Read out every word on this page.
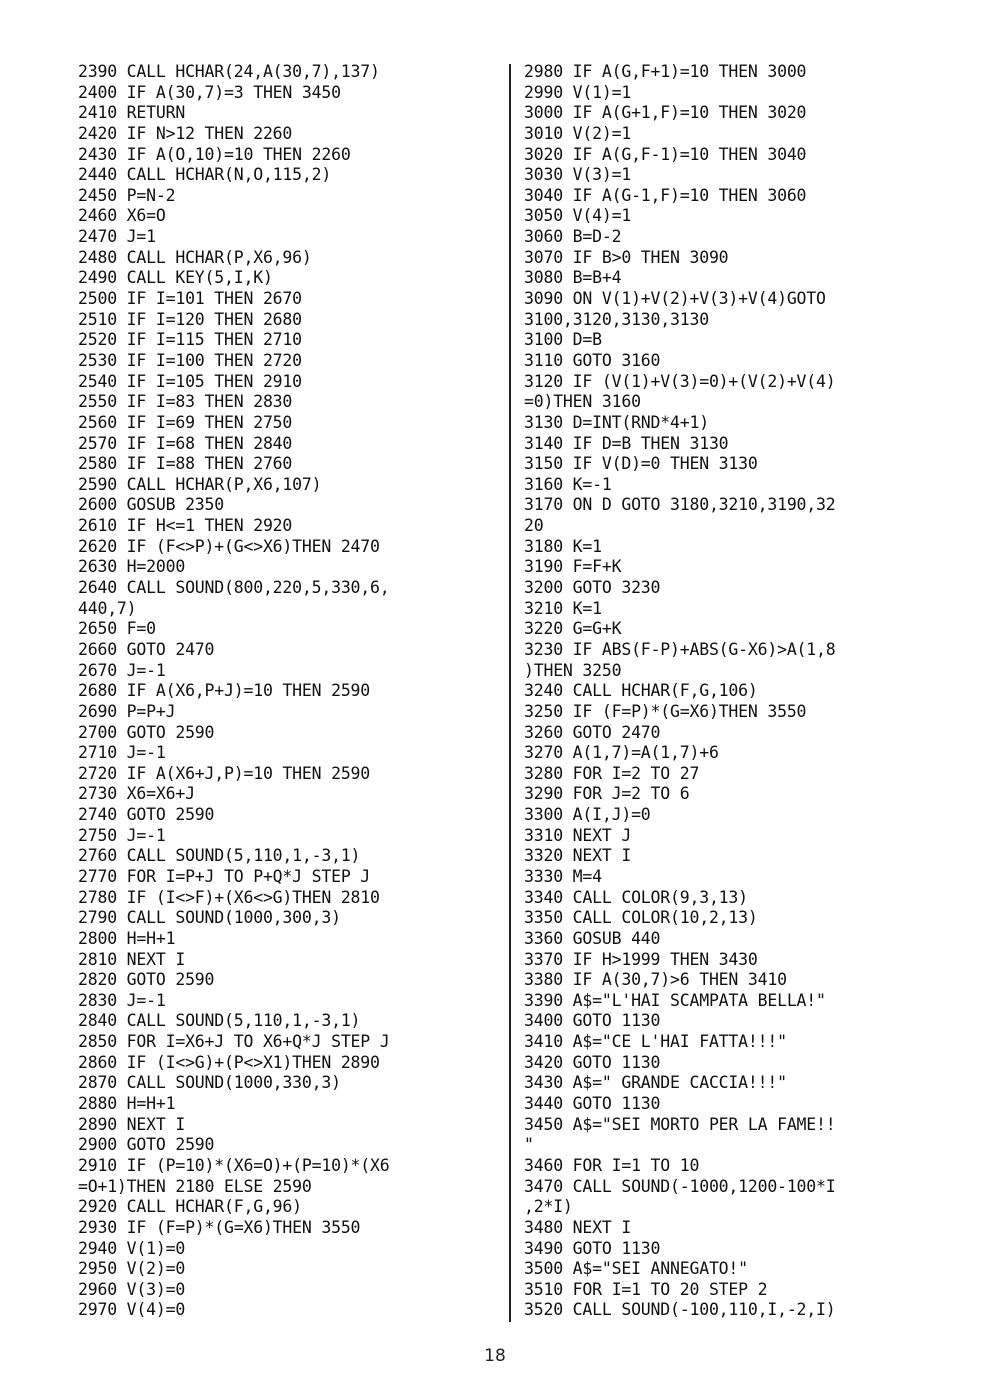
2390 CALL HCHAR(24,A(30,7),137)
2400 IF A(30,7)=3 THEN 3450
2410 RETURN
2420 IF N>12 THEN 2260
2430 IF A(O,10)=10 THEN 2260
2440 CALL HCHAR(N,O,115,2)
2450 P=N-2
2460 X6=O
2470 J=1
2480 CALL HCHAR(P,X6,96)
2490 CALL KEY(5,I,K)
2500 IF I=101 THEN 2670
2510 IF I=120 THEN 2680
2520 IF I=115 THEN 2710
2530 IF I=100 THEN 2720
2540 IF I=105 THEN 2910
2550 IF I=83 THEN 2830
2560 IF I=69 THEN 2750
2570 IF I=68 THEN 2840
2580 IF I=88 THEN 2760
2590 CALL HCHAR(P,X6,107)
2600 GOSUB 2350
2610 IF H<=1 THEN 2920
2620 IF (F<>P)+(G<>X6)THEN 2470
2630 H=2000
2640 CALL SOUND(800,220,5,330,6,
440,7)
2650 F=0
2660 GOTO 2470
2670 J=-1
2680 IF A(X6,P+J)=10 THEN 2590
2690 P=P+J
2700 GOTO 2590
2710 J=-1
2720 IF A(X6+J,P)=10 THEN 2590
2730 X6=X6+J
2740 GOTO 2590
2750 J=-1
2760 CALL SOUND(5,110,1,-3,1)
2770 FOR I=P+J TO P+Q*J STEP J
2780 IF (I<>F)+(X6<>G)THEN 2810
2790 CALL SOUND(1000,300,3)
2800 H=H+1
2810 NEXT I
2820 GOTO 2590
2830 J=-1
2840 CALL SOUND(5,110,1,-3,1)
2850 FOR I=X6+J TO X6+Q*J STEP J
2860 IF (I<>G)+(P<>X1)THEN 2890
2870 CALL SOUND(1000,330,3)
2880 H=H+1
2890 NEXT I
2900 GOTO 2590
2910 IF (P=10)*(X6=O)+(P=10)*(X6
=O+1)THEN 2180 ELSE 2590
2920 CALL HCHAR(F,G,96)
2930 IF (F=P)*(G=X6)THEN 3550
2940 V(1)=0
2950 V(2)=0
2960 V(3)=0
2970 V(4)=0
2980 IF A(G,F+1)=10 THEN 3000
2990 V(1)=1
3000 IF A(G+1,F)=10 THEN 3020
3010 V(2)=1
3020 IF A(G,F-1)=10 THEN 3040
3030 V(3)=1
3040 IF A(G-1,F)=10 THEN 3060
3050 V(4)=1
3060 B=D-2
3070 IF B>0 THEN 3090
3080 B=B+4
3090 ON V(1)+V(2)+V(3)+V(4)GOTO
3100,3120,3130,3130
3100 D=B
3110 GOTO 3160
3120 IF (V(1)+V(3)=0)+(V(2)+V(4)
=0)THEN 3160
3130 D=INT(RND*4+1)
3140 IF D=B THEN 3130
3150 IF V(D)=0 THEN 3130
3160 K=-1
3170 ON D GOTO 3180,3210,3190,32
20
3180 K=1
3190 F=F+K
3200 GOTO 3230
3210 K=1
3220 G=G+K
3230 IF ABS(F-P)+ABS(G-X6)>A(1,8
)THEN 3250
3240 CALL HCHAR(F,G,106)
3250 IF (F=P)*(G=X6)THEN 3550
3260 GOTO 2470
3270 A(1,7)=A(1,7)+6
3280 FOR I=2 TO 27
3290 FOR J=2 TO 6
3300 A(I,J)=0
3310 NEXT J
3320 NEXT I
3330 M=4
3340 CALL COLOR(9,3,13)
3350 CALL COLOR(10,2,13)
3360 GOSUB 440
3370 IF H>1999 THEN 3430
3380 IF A(30,7)>6 THEN 3410
3390 A$="L'HAI SCAMPATA BELLA!"
3400 GOTO 1130
3410 A$="CE L'HAI FATTA!!!"
3420 GOTO 1130
3430 A$=" GRANDE CACCIA!!!"
3440 GOTO 1130
3450 A$="SEI MORTO PER LA FAME!!
"
3460 FOR I=1 TO 10
3470 CALL SOUND(-1000,1200-100*I
,2*I)
3480 NEXT I
3490 GOTO 1130
3500 A$="SEI ANNEGATO!"
3510 FOR I=1 TO 20 STEP 2
3520 CALL SOUND(-100,110,I,-2,I)
18
